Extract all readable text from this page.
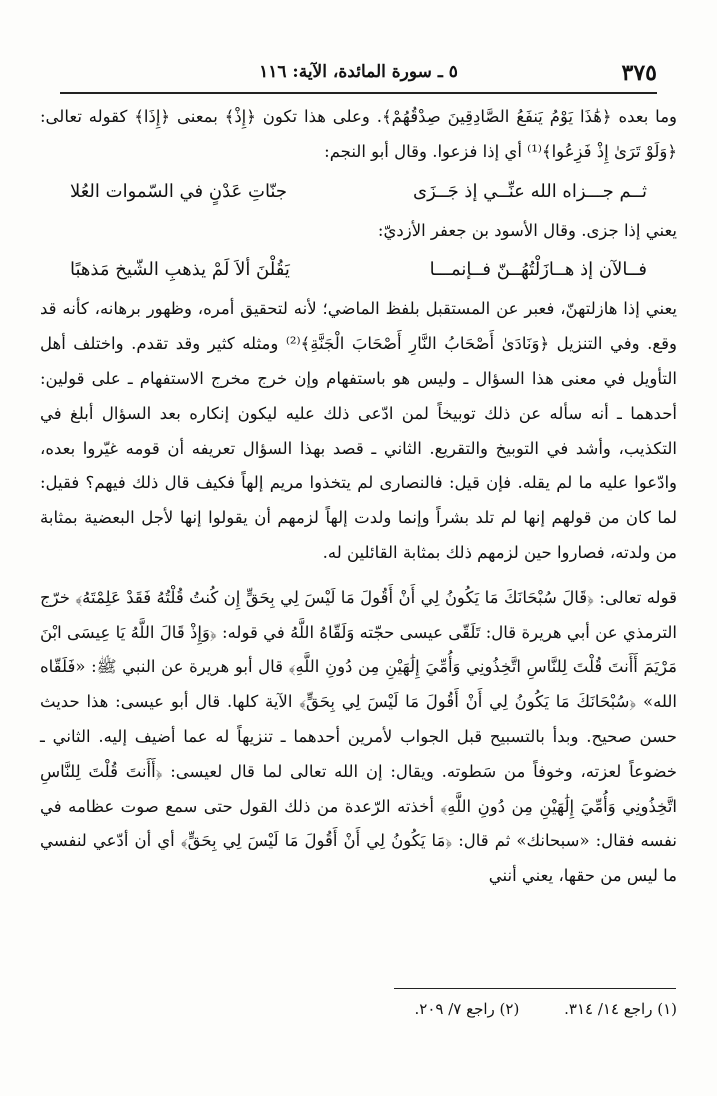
٥ ـ سورة المائدة، الآية: ١١٦	٣٧٥

وما بعده ﴿هَٰذَا يَوْمُ يَنفَعُ الصَّادِقِينَ صِدْقُهُمْ﴾. وعلى هذا تكون ﴿إِذْ﴾ بمعنى ﴿إِذَا﴾ كقوله تعالى: ﴿وَلَوْ تَرَىٰ إِذْ فَزِعُوا﴾⁽¹⁾ أي إذا فزعوا. وقال أبو النجم:

ثــم جـــزاه الله عنِّــي إذ جَــزَى
جنّاتِ عَدْنٍ في السّموات العُلا

يعني إذا جزى. وقال الأسود بن جعفر الأزديّ:

فــالآن إذ هــازَلْتُهُــنّ فــإنمـــا
يَقُلْنَ ألاَ لَمْ يذهبِ الشّيخ مَذهبًا

يعني إذا هازلتهنّ، فعبر عن المستقبل بلفظ الماضي؛ لأنه لتحقيق أمره، وظهور برهانه، كأنه قد وقع. وفي التنزيل ﴿وَنَادَىٰ أَصْحَابُ النَّارِ أَصْحَابَ الْجَنَّةِ﴾⁽²⁾ ومثله كثير وقد تقدم. واختلف أهل التأويل في معنى هذا السؤال ـ وليس هو باستفهام وإن خرج مخرج الاستفهام ـ على قولين: أحدهما ـ أنه سأله عن ذلك توبيخاً لمن ادّعى ذلك عليه ليكون إنكاره بعد السؤال أبلغ في التكذيب، وأشد في التوبيخ والتقريع. الثاني ـ قصد بهذا السؤال تعريفه أن قومه غيّروا بعده، وادّعوا عليه ما لم يقله. فإن قيل: فالنصارى لم يتخذوا مريم إلهاً فكيف قال ذلك فيهم؟ فقيل: لما كان من قولهم إنها لم تلد بشراً وإنما ولدت إلهاً لزمهم أن يقولوا إنها لأجل البعضية بمثابة من ولدته، فصاروا حين لزمهم ذلك بمثابة القائلين له.

قوله تعالى: ﴿قَالَ سُبْحَانَكَ مَا يَكُونُ لِي أَنْ أَقُولَ مَا لَيْسَ لِي بِحَقٍّ إِن كُنتُ قُلْتُهُ فَقَدْ عَلِمْتَهُ﴾ خرّج الترمذي عن أبي هريرة قال: تَلَقّى عيسى حجّته وَلَقّاهُ اللَّهُ في قوله: ﴿وَإِذْ قَالَ اللَّهُ يَا عِيسَى ابْنَ مَرْيَمَ أَأَنتَ قُلْتَ لِلنَّاسِ اتَّخِذُونِي وَأُمِّيَ إِلَٰهَيْنِ مِن دُونِ اللَّهِ﴾ قال أبو هريرة عن النبي ﷺ: «فَلَقّاه الله» ﴿سُبْحَانَكَ مَا يَكُونُ لِي أَنْ أَقُولَ مَا لَيْسَ لِي بِحَقٍّ﴾ الآية كلها. قال أبو عيسى: هذا حديث حسن صحيح. وبدأ بالتسبيح قبل الجواب لأمرين أحدهما ـ تنزيهاً له عما أضيف إليه. الثاني ـ خضوعاً لعزته، وخوفاً من سَطوته. ويقال: إن الله تعالى لما قال لعيسى: ﴿أَأَنتَ قُلْتَ لِلنَّاسِ اتَّخِذُونِي وَأُمِّيَ إِلَٰهَيْنِ مِن دُونِ اللَّهِ﴾ أخذته الرّعدة من ذلك القول حتى سمع صوت عظامه في نفسه فقال: «سبحانك» ثم قال: ﴿مَا يَكُونُ لِي أَنْ أَقُولَ مَا لَيْسَ لِي بِحَقٍّ﴾ أي أن أدّعي لنفسي ما ليس من حقها، يعني أنني

(١) راجع ١٤/ ٣١٤. (٢) راجع ٧/ ٢٠٩.
